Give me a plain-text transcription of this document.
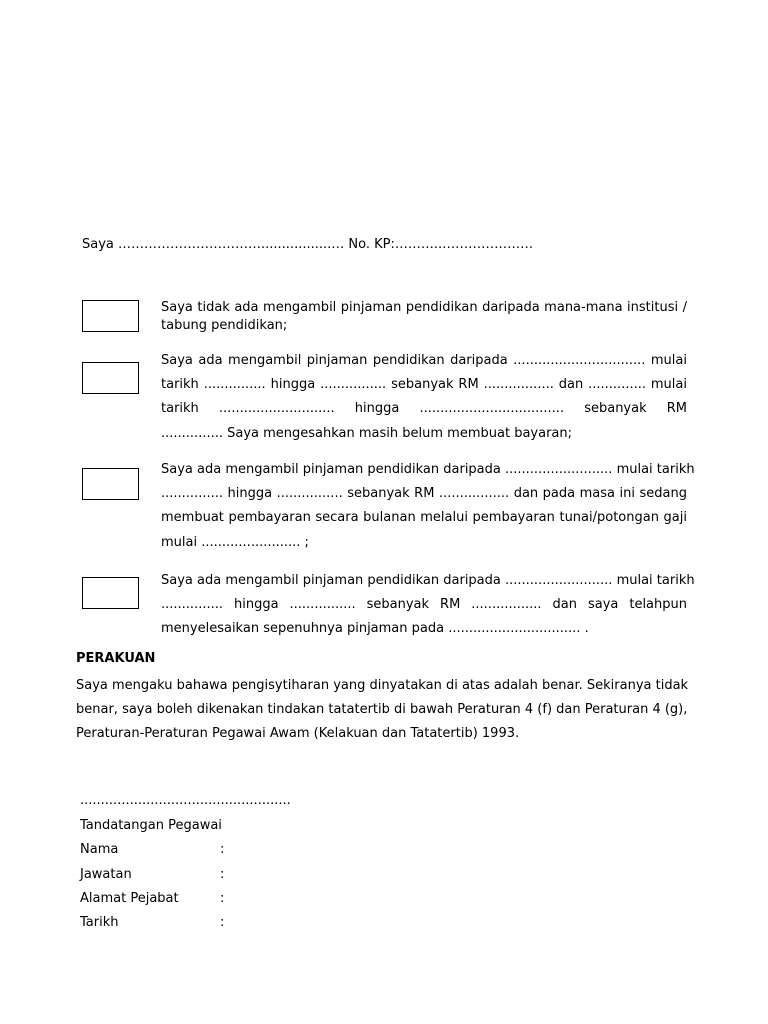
Saya …………………………….................… No. KP:………..…………………
Saya tidak ada mengambil pinjaman pendidikan daripada mana-mana institusi /
tabung pendidikan;
Saya ada mengambil pinjaman pendidikan daripada ................................ mulai
tarikh ............... hingga ................ sebanyak RM ................. dan .............. mulai
tarikh ............................ hingga ................................... sebanyak RM
............... Saya mengesahkan masih belum membuat bayaran;
Saya ada mengambil pinjaman pendidikan daripada .......................... mulai tarikh
............... hingga ................ sebanyak RM ................. dan pada masa ini sedang
membuat pembayaran secara bulanan melalui pembayaran tunai/potongan gaji
mulai ........................ ;
Saya ada mengambil pinjaman pendidikan daripada .......................... mulai tarikh
............... hingga ................ sebanyak RM ................. dan saya telahpun
menyelesaikan sepenuhnya pinjaman pada ................................ .
PERAKUAN
Saya mengaku bahawa pengisytiharan yang dinyatakan di atas adalah benar. Sekiranya tidak
benar, saya boleh dikenakan tindakan tatatertib di bawah Peraturan 4 (f) dan Peraturan 4 (g),
Peraturan-Peraturan Pegawai Awam (Kelakuan dan Tatatertib) 1993.
...................................................
Tandatangan Pegawai
Nama	:
Jawatan	:
Alamat Pejabat	:
Tarikh	:
